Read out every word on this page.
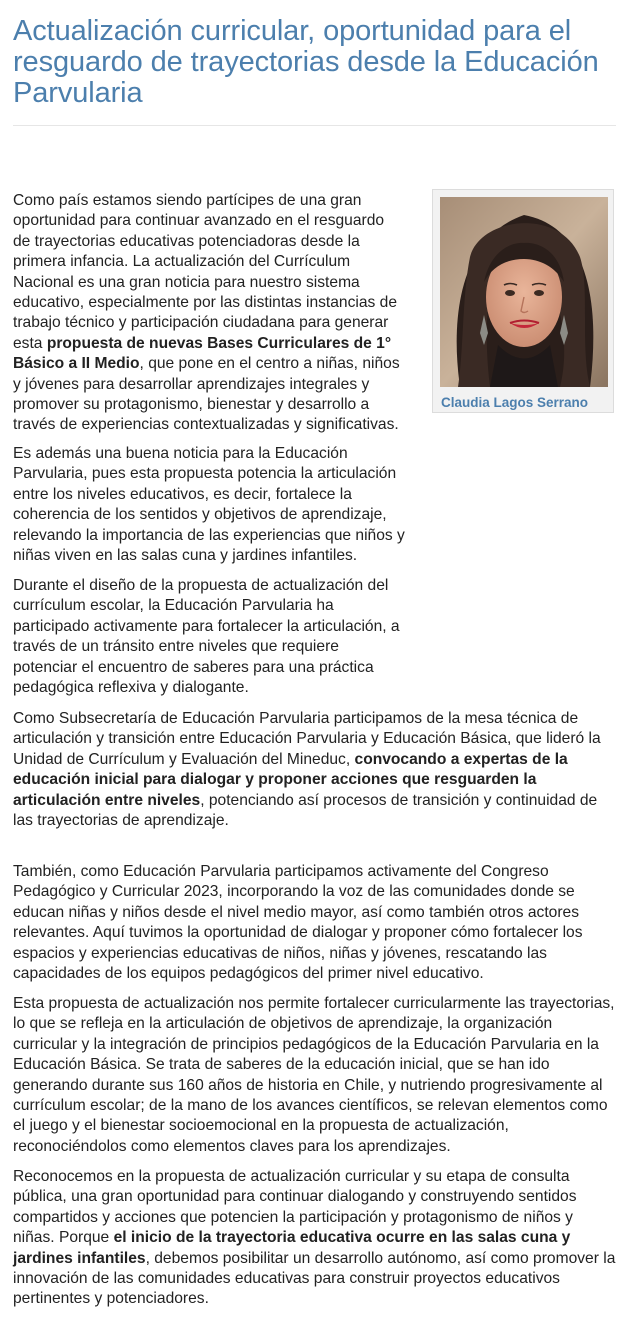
Actualización curricular, oportunidad para el resguardo de trayectorias desde la Educación Parvularia

Claudia Lagos Serrano

Como país estamos siendo partícipes de una gran oportunidad para continuar avanzado en el resguardo de trayectorias educativas potenciadoras desde la primera infancia. La actualización del Currículum Nacional es una gran noticia para nuestro sistema educativo, especialmente por las distintas instancias de trabajo técnico y participación ciudadana para generar esta propuesta de nuevas Bases Curriculares de 1° Básico a II Medio, que pone en el centro a niñas, niños y jóvenes para desarrollar aprendizajes integrales y promover su protagonismo, bienestar y desarrollo a través de experiencias contextualizadas y significativas.

Es además una buena noticia para la Educación Parvularia, pues esta propuesta potencia la articulación entre los niveles educativos, es decir, fortalece la coherencia de los sentidos y objetivos de aprendizaje, relevando la importancia de las experiencias que niños y niñas viven en las salas cuna y jardines infantiles.

Durante el diseño de la propuesta de actualización del currículum escolar, la Educación Parvularia ha participado activamente para fortalecer la articulación, a través de un tránsito entre niveles que requiere potenciar el encuentro de saberes para una práctica pedagógica reflexiva y dialogante.

Como Subsecretaría de Educación Parvularia participamos de la mesa técnica de articulación y transición entre Educación Parvularia y Educación Básica, que lideró la Unidad de Currículum y Evaluación del Mineduc, convocando a expertas de la educación inicial para dialogar y proponer acciones que resguarden la articulación entre niveles, potenciando así procesos de transición y continuidad de las trayectorias de aprendizaje.

También, como Educación Parvularia participamos activamente del Congreso Pedagógico y Curricular 2023, incorporando la voz de las comunidades donde se educan niñas y niños desde el nivel medio mayor, así como también otros actores relevantes. Aquí tuvimos la oportunidad de dialogar y proponer cómo fortalecer los espacios y experiencias educativas de niños, niñas y jóvenes, rescatando las capacidades de los equipos pedagógicos del primer nivel educativo.

Esta propuesta de actualización nos permite fortalecer curricularmente las trayectorias, lo que se refleja en la articulación de objetivos de aprendizaje, la organización curricular y la integración de principios pedagógicos de la Educación Parvularia en la Educación Básica. Se trata de saberes de la educación inicial, que se han ido generando durante sus 160 años de historia en Chile, y nutriendo progresivamente al currículum escolar; de la mano de los avances científicos, se relevan elementos como el juego y el bienestar socioemocional en la propuesta de actualización, reconociéndolos como elementos claves para los aprendizajes.

Reconocemos en la propuesta de actualización curricular y su etapa de consulta pública, una gran oportunidad para continuar dialogando y construyendo sentidos compartidos y acciones que potencien la participación y protagonismo de niños y niñas. Porque el inicio de la trayectoria educativa ocurre en las salas cuna y jardines infantiles, debemos posibilitar un desarrollo autónomo, así como promover la innovación de las comunidades educativas para construir proyectos educativos pertinentes y potenciadores.
